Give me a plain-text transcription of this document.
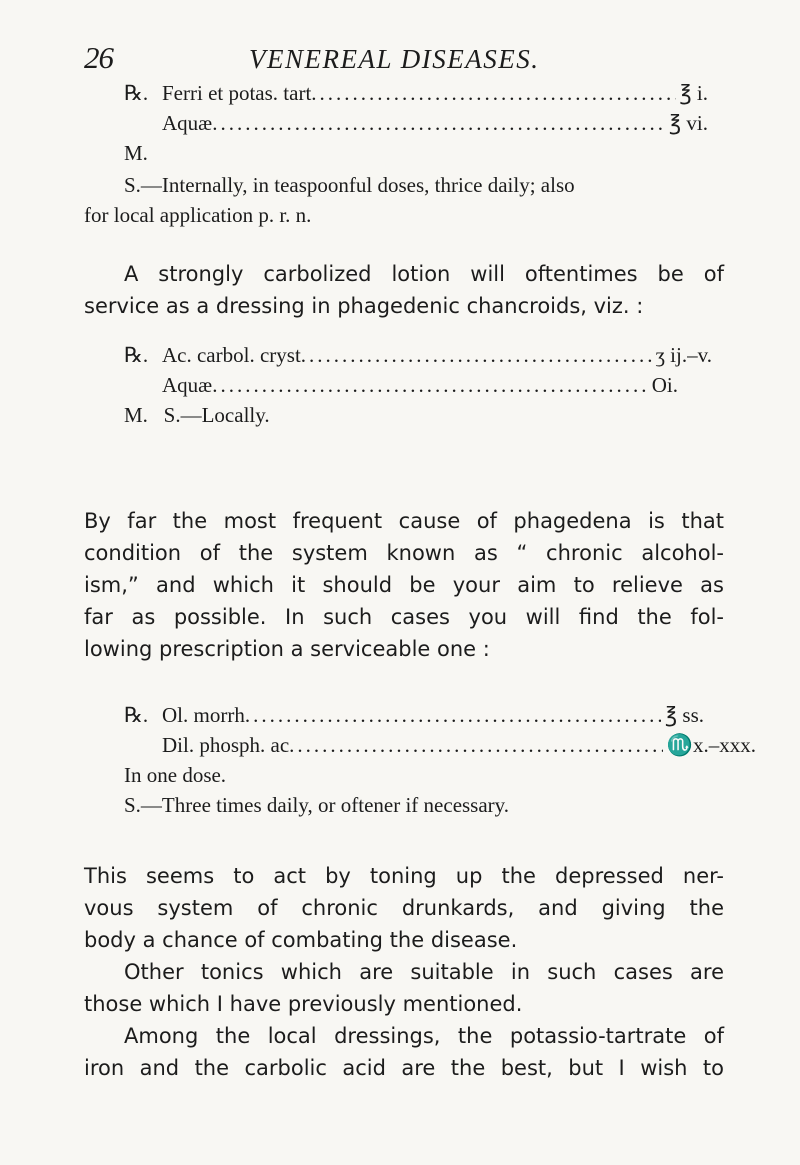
26	VENEREAL DISEASES.
℞. Ferri et potas. tart .....	℥ i.
Aquæ .....	℥ vi.
M.
S.—Internally, in teaspoonful doses, thrice daily; also
for local application p. r. n.

A strongly carbolized lotion will oftentimes be of

service as a dressing in phagedenic chancroids, viz. :

℞. Ac. carbol. cryst .....	ʒ ij.–v.
Aquæ .....	Oi.
M.   S.—Locally.

By far the most frequent cause of phagedena is that

condition of the system known as “ chronic alcohol-

ism,” and which it should be your aim to relieve as

far as possible. In such cases you will find the fol-

lowing prescription a serviceable one :

℞. Ol. morrh .....	℥ ss.
Dil. phosph. ac .....	♏x.–xxx.
In one dose.
S.—Three times daily, or oftener if necessary.

This seems to act by toning up the depressed ner-

vous system of chronic drunkards, and giving the

body a chance of combating the disease.

Other tonics which are suitable in such cases are

those which I have previously mentioned.

Among the local dressings, the potassio-tartrate of

iron and the carbolic acid are the best, but I wish to
